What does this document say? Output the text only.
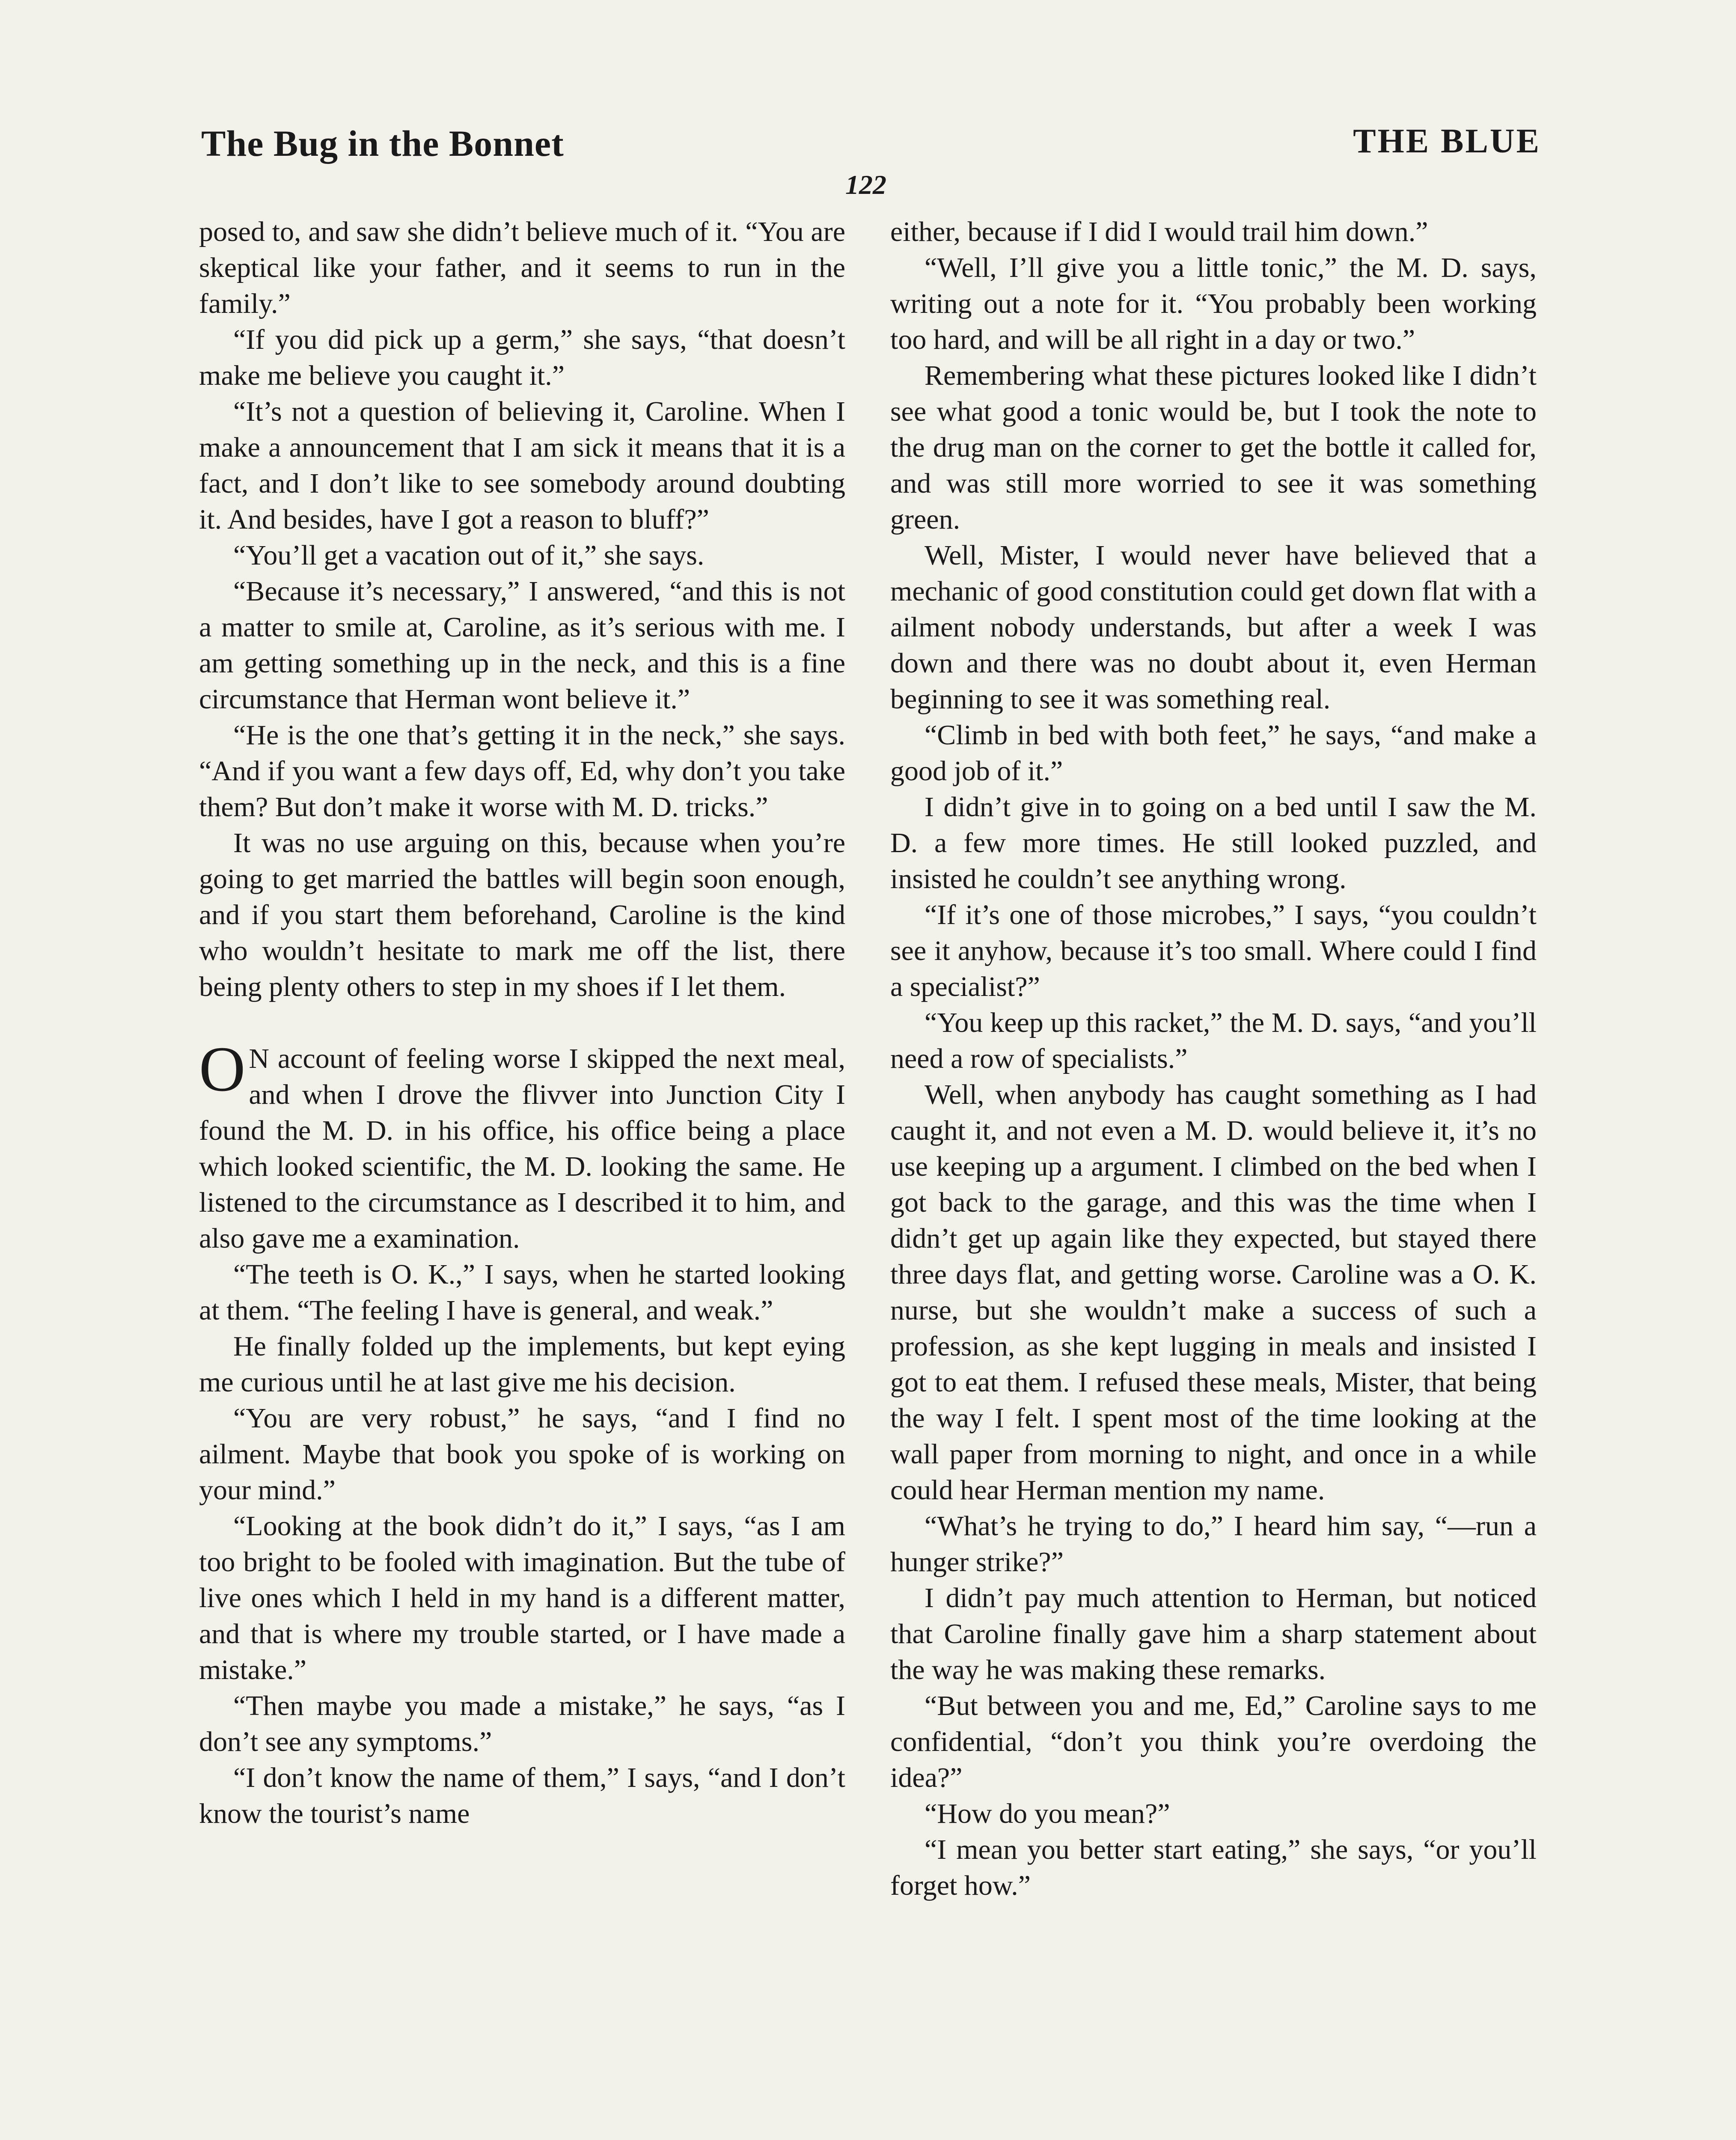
The Bug in the Bonnet	THE BLUE
122

posed to, and saw she didn’t believe much of it. “You are skeptical like your father, and it seems to run in the family.”

“If you did pick up a germ,” she says, “that doesn’t make me believe you caught it.”

“It’s not a question of believing it, Caroline. When I make a announcement that I am sick it means that it is a fact, and I don’t like to see somebody around doubting it. And besides, have I got a reason to bluff?”

“You’ll get a vacation out of it,” she says.

“Because it’s necessary,” I answered, “and this is not a matter to smile at, Caroline, as it’s serious with me. I am getting something up in the neck, and this is a fine circumstance that Herman wont believe it.”

“He is the one that’s getting it in the neck,” she says. “And if you want a few days off, Ed, why don’t you take them? But don’t make it worse with M. D. tricks.”

It was no use arguing on this, because when you’re going to get married the battles will begin soon enough, and if you start them beforehand, Caroline is the kind who wouldn’t hesitate to mark me off the list, there being plenty others to step in my shoes if I let them.

O N account of feeling worse I skipped the next meal, and when I drove the flivver into Junction City I found the M. D. in his office, his office being a place which looked scientific, the M. D. looking the same. He listened to the circumstance as I described it to him, and also gave me a examination.

“The teeth is O. K.,” I says, when he started looking at them. “The feeling I have is general, and weak.”

He finally folded up the implements, but kept eying me curious until he at last give me his decision.

“You are very robust,” he says, “and I find no ailment. Maybe that book you spoke of is working on your mind.”

“Looking at the book didn’t do it,” I says, “as I am too bright to be fooled with imagination. But the tube of live ones which I held in my hand is a different matter, and that is where my trouble started, or I have made a mistake.”

“Then maybe you made a mistake,” he says, “as I don’t see any symptoms.”

“I don’t know the name of them,” I says, “and I don’t know the tourist’s name

either, because if I did I would trail him down.”

“Well, I’ll give you a little tonic,” the M. D. says, writing out a note for it. “You probably been working too hard, and will be all right in a day or two.”

Remembering what these pictures looked like I didn’t see what good a tonic would be, but I took the note to the drug man on the corner to get the bottle it called for, and was still more worried to see it was something green.

Well, Mister, I would never have believed that a mechanic of good constitution could get down flat with a ailment nobody understands, but after a week I was down and there was no doubt about it, even Herman beginning to see it was something real.

“Climb in bed with both feet,” he says, “and make a good job of it.”

I didn’t give in to going on a bed until I saw the M. D. a few more times. He still looked puzzled, and insisted he couldn’t see anything wrong.

“If it’s one of those microbes,” I says, “you couldn’t see it anyhow, because it’s too small. Where could I find a specialist?”

“You keep up this racket,” the M. D. says, “and you’ll need a row of specialists.”

Well, when anybody has caught something as I had caught it, and not even a M. D. would believe it, it’s no use keeping up a argument. I climbed on the bed when I got back to the garage, and this was the time when I didn’t get up again like they expected, but stayed there three days flat, and getting worse. Caroline was a O. K. nurse, but she wouldn’t make a success of such a profession, as she kept lugging in meals and insisted I got to eat them. I refused these meals, Mister, that being the way I felt. I spent most of the time looking at the wall paper from morning to night, and once in a while could hear Herman mention my name.

“What’s he trying to do,” I heard him say, “—run a hunger strike?”

I didn’t pay much attention to Herman, but noticed that Caroline finally gave him a sharp statement about the way he was making these remarks.

“But between you and me, Ed,” Caroline says to me confidential, “don’t you think you’re overdoing the idea?”

“How do you mean?”

“I mean you better start eating,” she says, “or you’ll forget how.”
